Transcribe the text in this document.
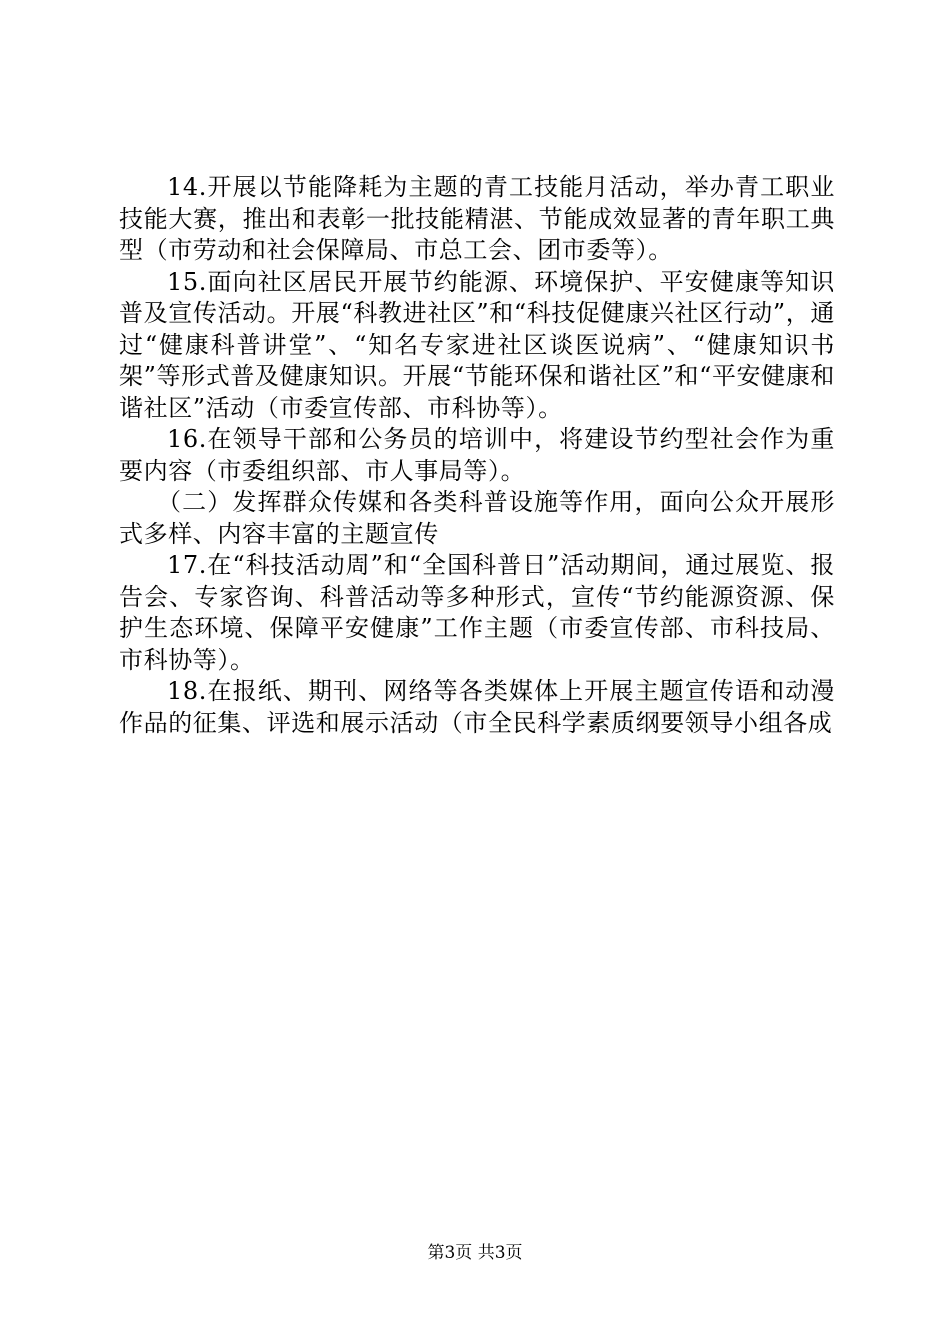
14.开展以节能降耗为主题的青工技能月活动，举办青工职业技能大赛，推出和表彰一批技能精湛、节能成效显著的青年职工典型（市劳动和社会保障局、市总工会、团市委等）。

15.面向社区居民开展节约能源、环境保护、平安健康等知识普及宣传活动。开展“科教进社区”和“科技促健康兴社区行动”，通过“健康科普讲堂”、“知名专家进社区谈医说病”、“健康知识书架”等形式普及健康知识。开展“节能环保和谐社区”和“平安健康和谐社区”活动（市委宣传部、市科协等）。

16.在领导干部和公务员的培训中，将建设节约型社会作为重要内容（市委组织部、市人事局等）。

（二）发挥群众传媒和各类科普设施等作用，面向公众开展形式多样、内容丰富的主题宣传

17.在“科技活动周”和“全国科普日”活动期间，通过展览、报告会、专家咨询、科普活动等多种形式，宣传“节约能源资源、保护生态环境、保障平安健康”工作主题（市委宣传部、市科技局、市科协等）。

18.在报纸、期刊、网络等各类媒体上开展主题宣传语和动漫作品的征集、评选和展示活动（市全民科学素质纲要领导小组各成

第3页 共3页
